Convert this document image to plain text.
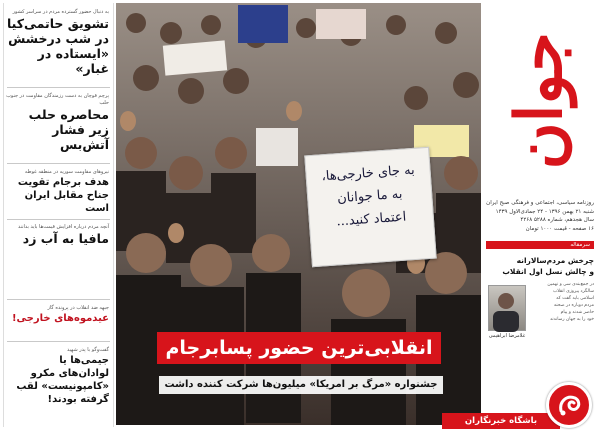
به دنبال حضور گسترده مردم در سراسر کشور
تشویق حاتمی‌کیا در شب درخشش «ایستاده در غبار»
پرچم قوچان به دست رزمندگان مقاومت در جنوب حلب
محاصره حلب زیر فشار آتش‌بس
نیروهای مقاومت سوریه در منطقه غوطه
هدف برجام تقویت جناح مقابل ایران است
آنچه مردم درباره افزایش قیمت‌ها باید بدانند
مافیا به آب زد
جبهه ضد انقلاب در پرونده گاز
عیدموه‌های خارجی!
گفت‌وگو با پدر شهید
جیمی‌ها یا لوادان‌های مکرو «کامپونیست» لقب گرفته بودند!
به جای خارجی‌ها،
به ما جوانان
اعتماد کنید...
انقلابی‌ترین حضور پسابرجام
جشنواره «مرگ بر امریکا» میلیون‌ها شرکت کننده داشت
جوان
روزنامه سیاسی، اجتماعی و فرهنگی صبح ایران
شنبه ۲۱ بهمن ۱۳۹۶ - ۲۴ جمادی‌الاول ۱۴۳۹
سال هجدهم، شماره ۵۲۸۸ ۴۲۶۸
۱۶ صفحه - قیمت ۱۰۰۰ تومان
سرمقاله
چرخش مردم‌سالارانه
و چالش نسل اول انقلاب
در جمع‌بندی سی و نهمین
سالگرد پیروزی انقلاب
اسلامی باید گفت که
مردم دوباره در صحنه
حاضر شدند و پیام
خود را به جهان رساندند
غلامرضا ابراهیمی
باشگاه خبرنگاران
